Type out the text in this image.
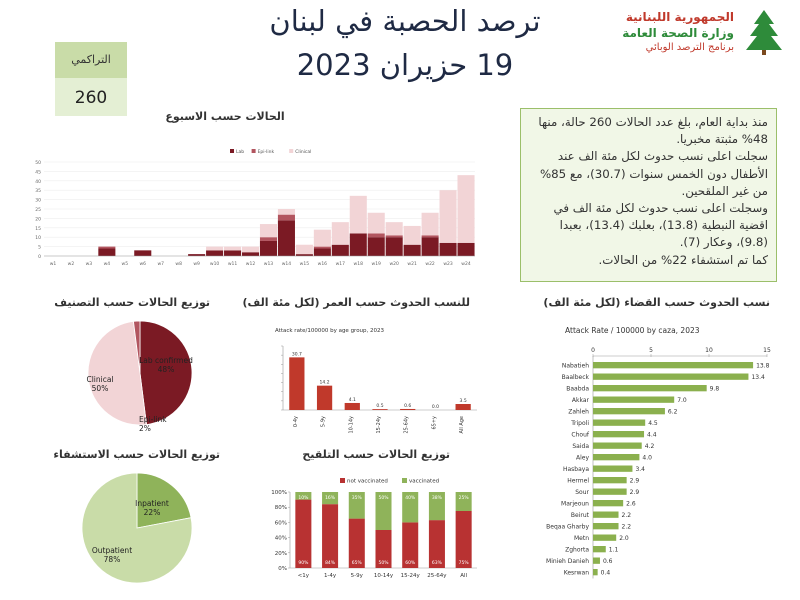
ترصد الحصبة في لبنان
19 حزيران 2023
الجمهورية اللبنانية
وزارة الصحة العامة
برنامج الترصد الوبائي
التراكمي
260

منذ بداية العام، بلغ عدد الحالات 260 حالة، منها 48% مثبتة مخبريا.

سجلت اعلى نسب حدوث لكل مئة الف عند الأطفال دون الخمس سنوات (30.7)، مع 85% من غير الملقحين.

وسجلت اعلى نسب حدوث لكل مئة الف في اقضية النبطية (13.8)، بعلبك (13.4)، بعبدا (9.8)، وعكار (7).

كما تم استشفاء 22% من الحالات.

الحالات حسب الاسبوع
توزيع الحالات حسب التصنيف	للنسب الحدوث حسب العمر (لكل مئة الف)	نسب الحدوث حسب القضاء (لكل مئة الف)
توزيع الحالات حسب الاستشفاء	توزيع الحالات حسب التلقيح
0
5
10
15
20
25
30
35
40
45
50
w1	w2	w3	w4	w5	w6	w7	w8	w9 w10 w11 w12 w13 w14 w15 w16 w17 w18 w19 w20 w21 w22 w23 w24
Lab	Epi-link	Clinical
Lab confirmed
48%
Clinical
50%
Epi-link
2%
Attack rate/100000 by age group, 2023
30.7
0-4y
14.2
5-9y
4.1
10-14y
0.5
15-24y
0.6
25-64y
0.0
65+y
3.5
All Age
Attack Rate / 100000 by caza, 2023
0	5	10	15
Nabatieh	13.8
Baalbeck	13.4
Baabda	9.8
Akkar	7.0
Zahleh	6.2
Tripoli	4.5
Chouf	4.4
Saida	4.2
Aley	4.0
Hasbaya	3.4
Hermel	2.9
Sour	2.9
Marjeoun	2.6
Beirut	2.2
Beqaa Gharby	2.2
Metn	2.0
Zghorta	1.1
Minieh Danieh 0.6
Kesrwan 0.4
Inpatient
22%
Outpatient
78%
0%
20%
40%
60%
80%
100%
not vaccinated	vaccinated
90%
10%
<1y
84%
16%
1-4y
65%
35%
5-9y
50%
50%
10-14y
60%
40%
15-24y
63%
38%
25-64y
75%
25%
All
